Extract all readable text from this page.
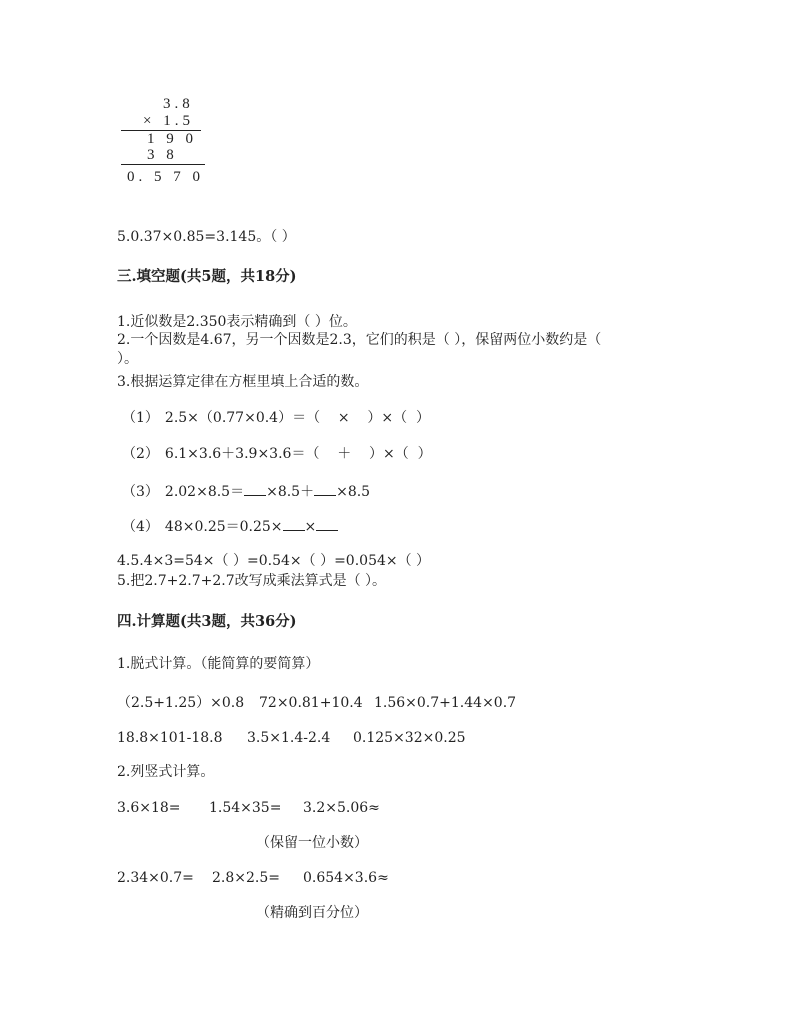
3.8
× 1.5
1 9 0
3 8
0. 5 7 0
5.0.37×0.85=3.145。（ ）
三.填空题(共5题，共18分)
1.近似数是2.350表示精确到（ ）位。
2.一个因数是4.67，另一个因数是2.3，它们的积是（ ），保留两位小数约是（
）。
3.根据运算定律在方框里填上合适的数。
（1） 2.5×（0.77×0.4）＝（    ×    ）×（  ）
（2） 6.1×3.6＋3.9×3.6＝（    ＋    ）×（  ）
（3） 2.02×8.5＝ ×8.5＋ ×8.5
（4） 48×0.25＝0.25× ×
4.5.4×3=54×（ ）=0.54×（ ）=0.054×（ ）
5.把2.7+2.7+2.7改写成乘法算式是（ ）。
四.计算题(共3题，共36分)
1.脱式计算。（能简算的要简算）
（2.5+1.25）×0.8 72×0.81+10.4 1.56×0.7+1.44×0.7
18.8×101-18.8 3.5×1.4-2.4 0.125×32×0.25
2.列竖式计算。
3.6×18= 1.54×35= 3.2×5.06≈
（保留一位小数）
2.34×0.7= 2.8×2.5= 0.654×3.6≈
（精确到百分位）
